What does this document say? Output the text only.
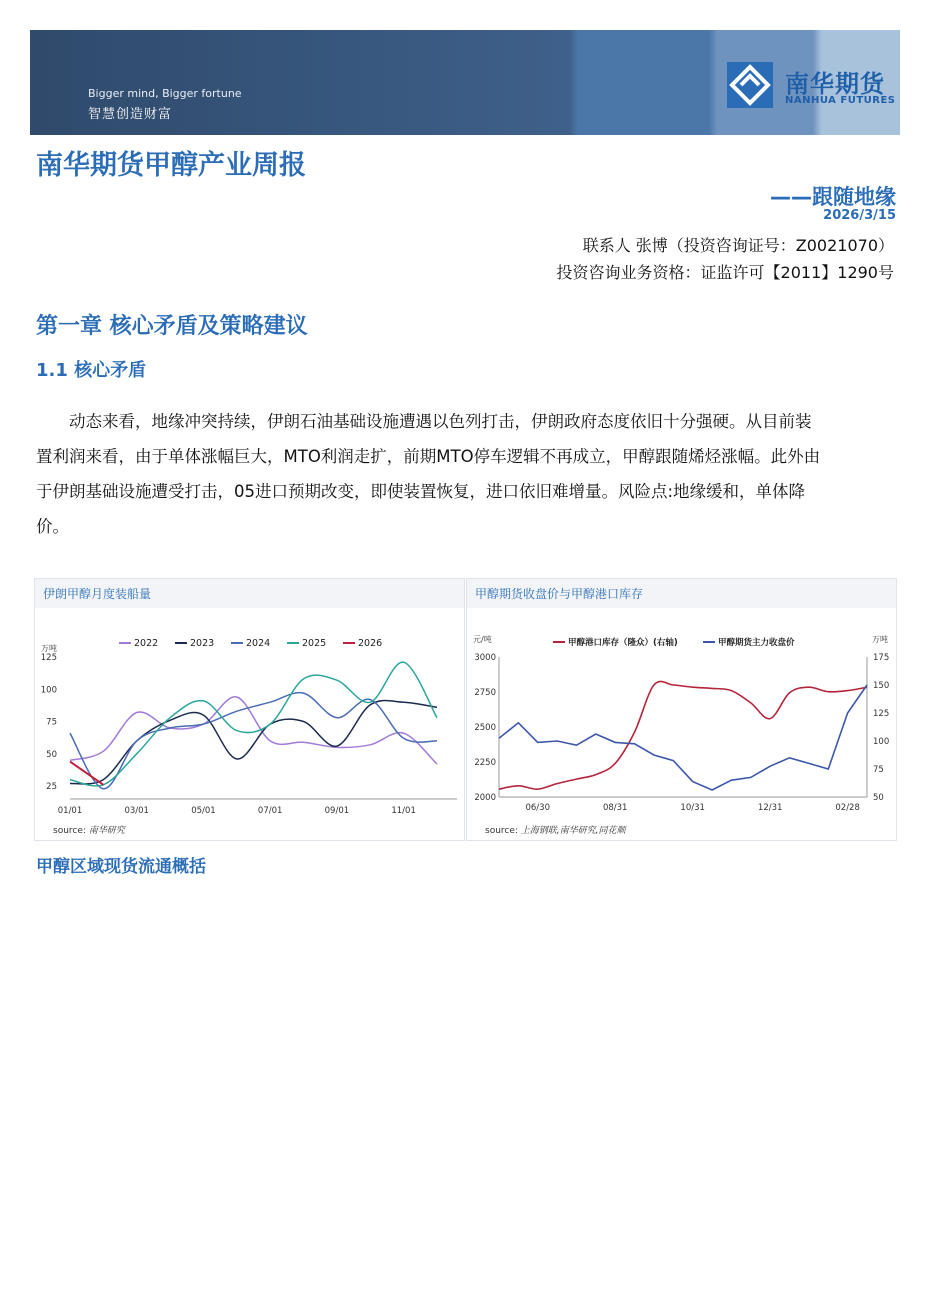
Bigger mind, Bigger fortune
智慧创造财富
南华期货
NANHUA FUTURES
南华期货甲醇产业周报
——跟随地缘
2026/3/15
联系人 张博（投资咨询证号：Z0021070）
投资咨询业务资格：证监许可【2011】1290号
第一章 核心矛盾及策略建议
1.1 核心矛盾
动态来看，地缘冲突持续，伊朗石油基础设施遭遇以色列打击，伊朗政府态度依旧十分强硬。从目前装
置利润来看，由于单体涨幅巨大，MTO利润走扩，前期MTO停车逻辑不再成立，甲醇跟随烯烃涨幅。此外由
于伊朗基础设施遭受打击，05进口预期改变，即使装置恢复，进口依旧难增量。风险点:地缘缓和，单体降
价。
伊朗甲醇月度装船量
万吨
25
50
75
100
125
01/01	03/01	05/01	07/01	09/01	11/01
2022	2023	2024	2025	2026
source: 南华研究
甲醇期货收盘价与甲醇港口库存
元/吨	万吨
2000
2250
2500
2750
3000
50
75
100
125
150
175
06/30	08/31	10/31	12/31	02/28
甲醇港口库存（隆众）(右轴)	甲醇期货主力收盘价
source: 上海钢联,南华研究,同花顺
甲醇区域现货流通概括
